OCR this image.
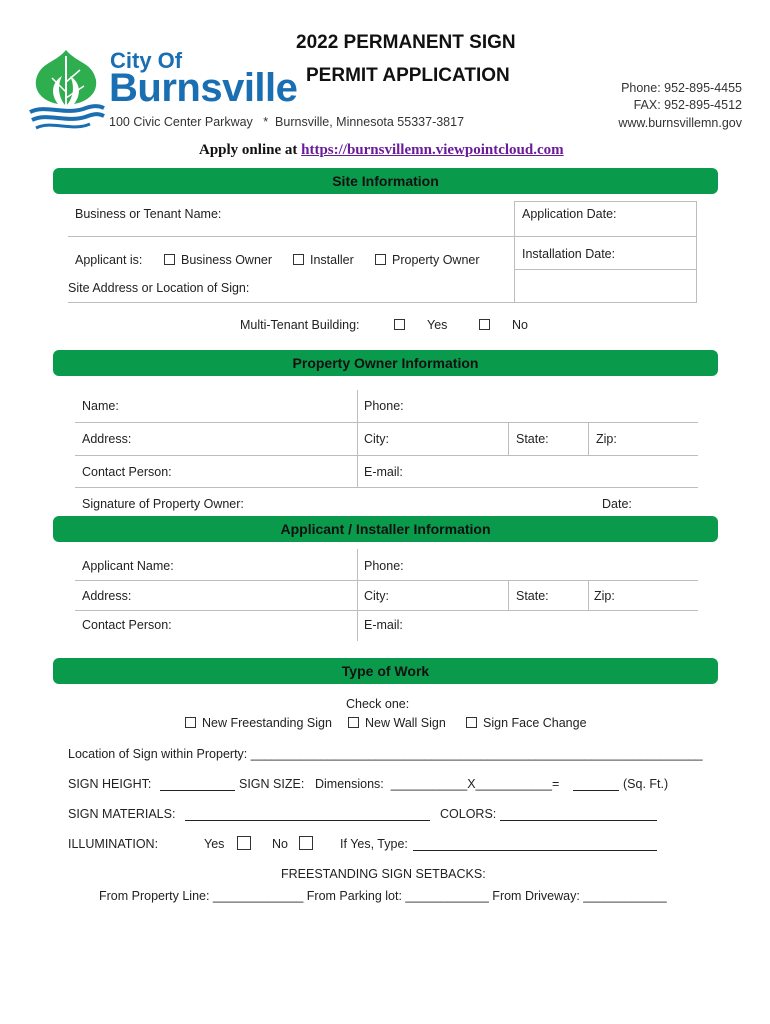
City Of
Burnsville
100 Civic Center Parkway   *  Burnsville, Minnesota 55337-3817
2022 PERMANENT SIGN
PERMIT APPLICATION
Phone: 952-895-4455
FAX: 952-895-4512
www.burnsvillemn.gov
Apply online at https://burnsvillemn.viewpointcloud.com
Site Information
Business or Tenant Name:	Application Date:
Applicant is:	Business Owner	Installer	Property Owner	Installation Date:
Site Address or Location of Sign:
Multi-Tenant Building:	Yes	No
Property Owner Information
Name:	Phone:
Address:	City:	State:	Zip:
Contact Person:	E-mail:
Signature of Property Owner:	Date:
Applicant / Installer Information
Applicant Name:	Phone:
Address:	City:	State:	Zip:
Contact Person:	E-mail:
Type of Work
Check one:
New Freestanding Sign	New Wall Sign	Sign Face Change
Location of Sign within Property: _________________________________________________________________
SIGN HEIGHT:	SIGN SIZE: Dimensions:  ___________X___________=	(Sq. Ft.)
SIGN MATERIALS:	COLORS:
ILLUMINATION:	Yes	No	If Yes, Type:
FREESTANDING SIGN SETBACKS:
From Property Line: _____________ From Parking lot: ____________ From Driveway: ____________
